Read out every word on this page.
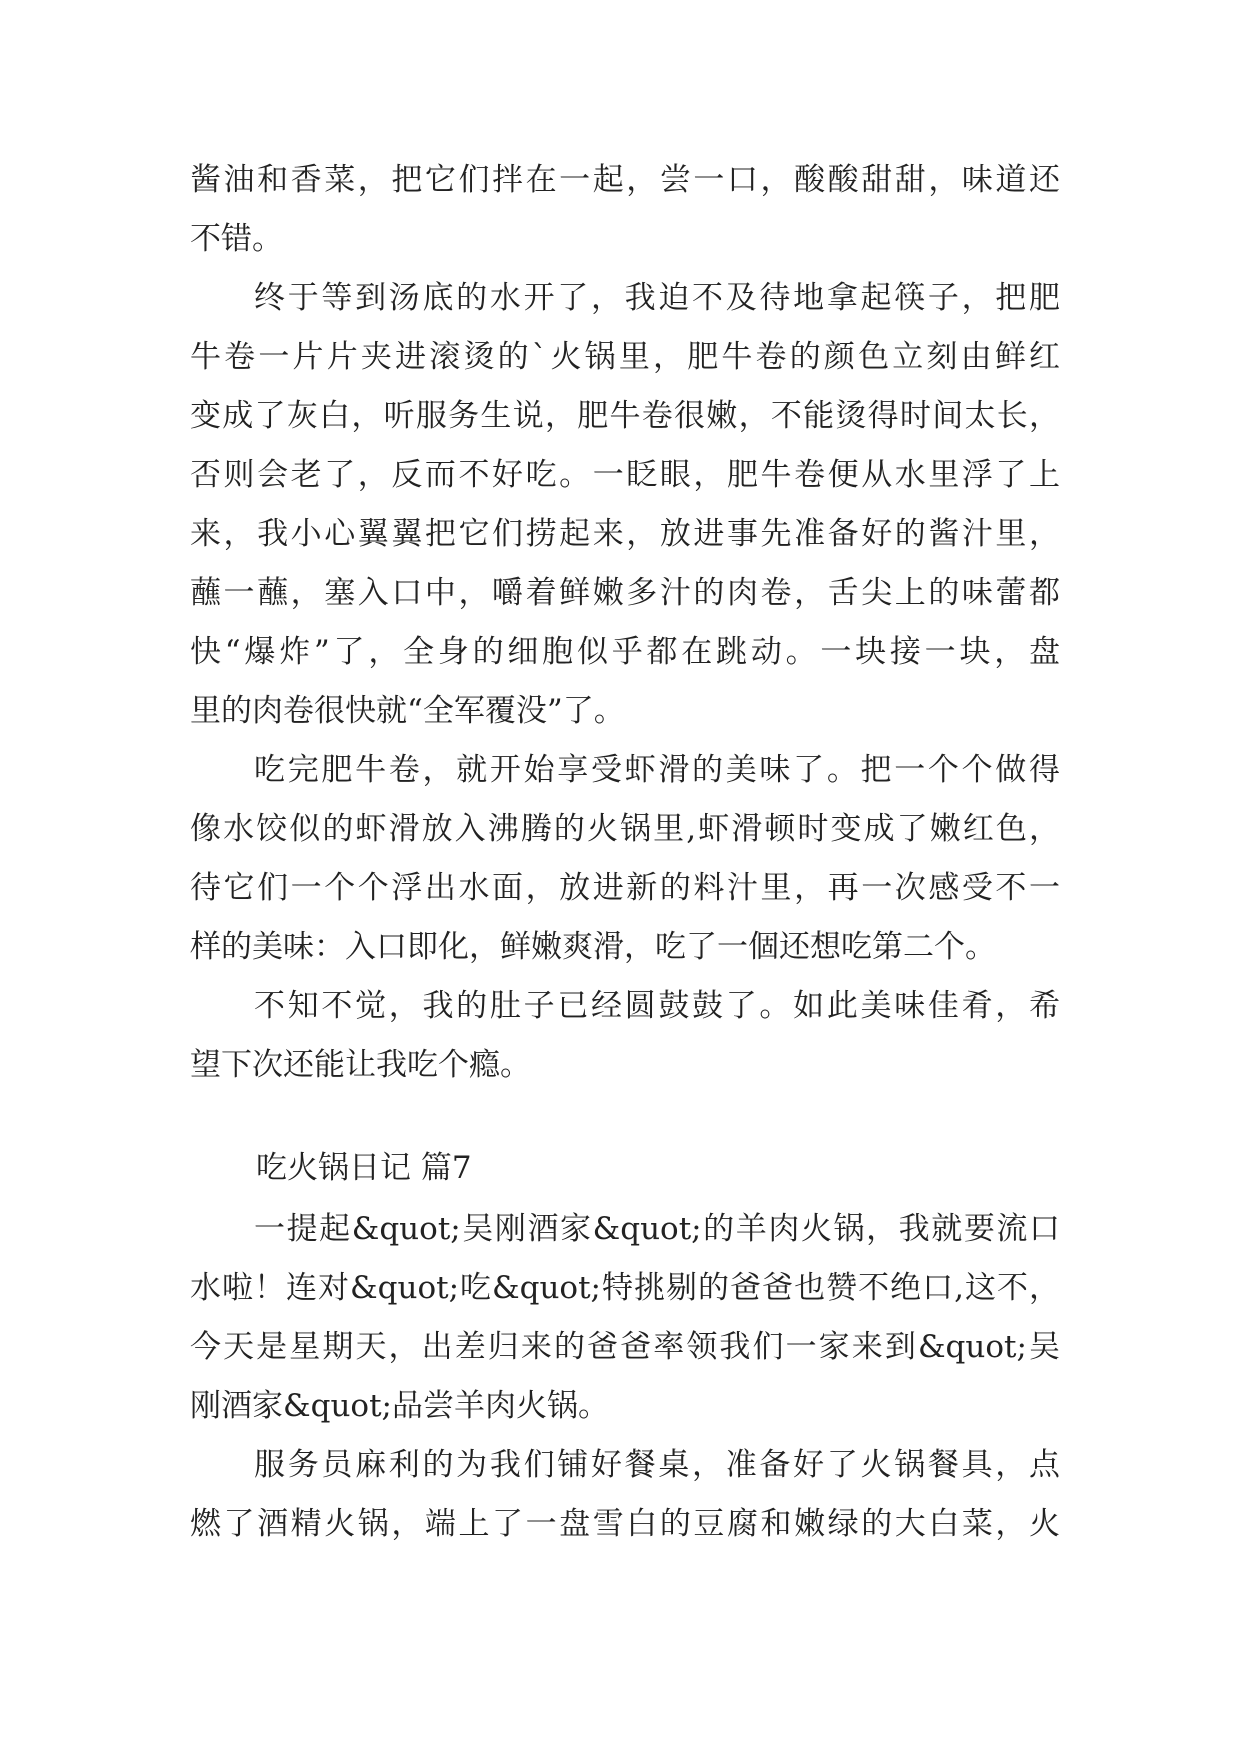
酱油和香菜，把它们拌在一起，尝一口，酸酸甜甜，味道还
不错。
终于等到汤底的水开了，我迫不及待地拿起筷子，把肥
牛卷一片片夹进滚烫的`火锅里，肥牛卷的颜色立刻由鲜红
变成了灰白，听服务生说，肥牛卷很嫩，不能烫得时间太长，
否则会老了，反而不好吃。一眨眼，肥牛卷便从水里浮了上
来，我小心翼翼把它们捞起来，放进事先准备好的酱汁里，
蘸一蘸，塞入口中，嚼着鲜嫩多汁的肉卷，舌尖上的味蕾都
快“爆炸”了，全身的细胞似乎都在跳动。一块接一块，盘
里的肉卷很快就“全军覆没”了。
吃完肥牛卷，就开始享受虾滑的美味了。把一个个做得
像水饺似的虾滑放入沸腾的火锅里,虾滑顿时变成了嫩红色，
待它们一个个浮出水面，放进新的料汁里，再一次感受不一
样的美味：入口即化，鲜嫩爽滑，吃了一個还想吃第二个。
不知不觉，我的肚子已经圆鼓鼓了。如此美味佳肴，希
望下次还能让我吃个瘾。
吃火锅日记 篇7
一提起&quot;吴刚酒家&quot;的羊肉火锅，我就要流口
水啦！连对&quot;吃&quot;特挑剔的爸爸也赞不绝口,这不，
今天是星期天，出差归来的爸爸率领我们一家来到&quot;吴
刚酒家&quot;品尝羊肉火锅。
服务员麻利的为我们铺好餐桌，准备好了火锅餐具，点
燃了酒精火锅，端上了一盘雪白的豆腐和嫩绿的大白菜，火
